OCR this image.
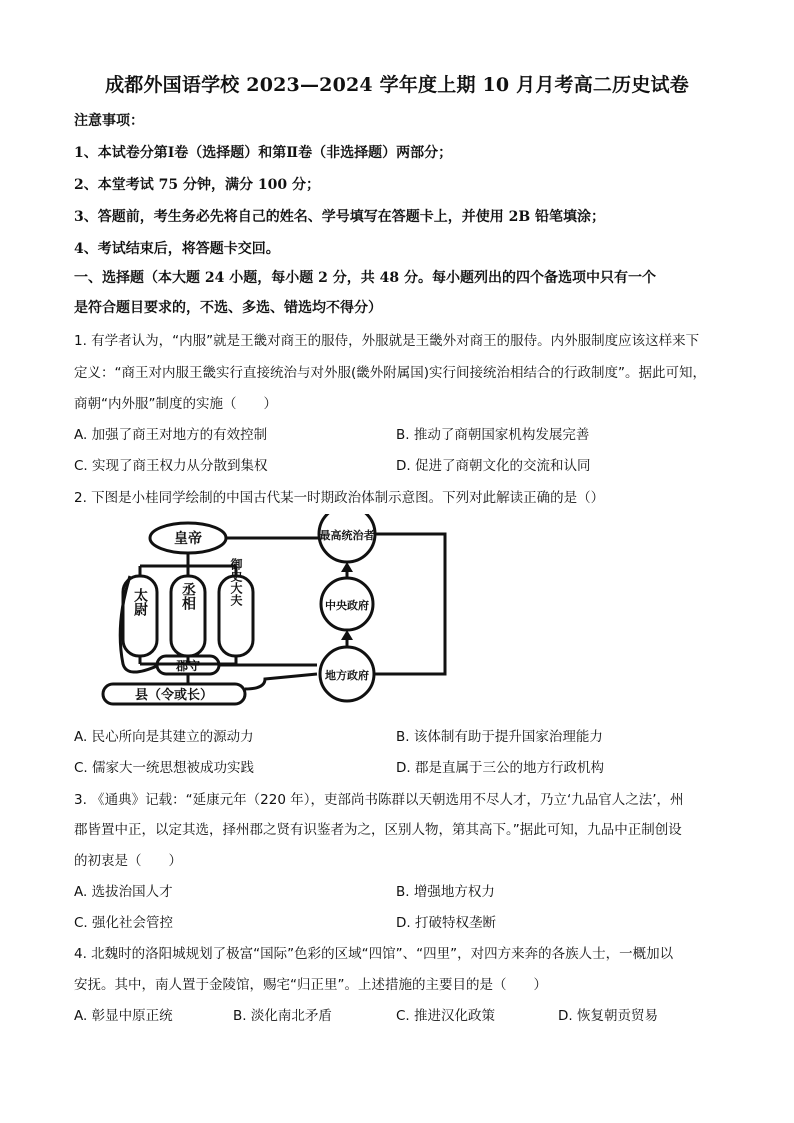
成都外国语学校 2023—2024 学年度上期 10 月月考高二历史试卷
注意事项：
1、本试卷分第Ⅰ卷（选择题）和第Ⅱ卷（非选择题）两部分；
2、本堂考试 75 分钟，满分 100 分；
3、答题前，考生务必先将自己的姓名、学号填写在答题卡上，并使用 2B 铅笔填涂；
4、考试结束后，将答题卡交回。
一、选择题（本大题 24 小题，每小题 2 分，共 48 分。每小题列出的四个备选项中只有一个
是符合题目要求的，不选、多选、错选均不得分）
1. 有学者认为，“内服”就是王畿对商王的服侍，外服就是王畿外对商王的服侍。内外服制度应该这样来下
定义：“商王对内服王畿实行直接统治与对外服(畿外附属国)实行间接统治相结合的行政制度”。据此可知，
商朝“内外服”制度的实施（　　）
A. 加强了商王对地方的有效控制	B. 推动了商朝国家机构发展完善
C. 实现了商王权力从分散到集权	D. 促进了商朝文化的交流和认同
2. 下图是小桂同学绘制的中国古代某一时期政治体制示意图。下列对此解读正确的是（）
皇帝
太尉 丞相	御史大夫
郡守
县（令或长）
最高统治者
中央政府
地方政府
A. 民心所向是其建立的源动力	B. 该体制有助于提升国家治理能力
C. 儒家大一统思想被成功实践	D. 郡是直属于三公的地方行政机构
3. 《通典》记载：“延康元年（220 年），吏部尚书陈群以天朝选用不尽人才，乃立‘九品官人之法’，州
郡皆置中正，以定其选，择州郡之贤有识鉴者为之，区别人物，第其高下。”据此可知，九品中正制创设
的初衷是（　　）
A. 选拔治国人才	B. 增强地方权力
C. 强化社会管控	D. 打破特权垄断
4. 北魏时的洛阳城规划了极富“国际”色彩的区域“四馆”、“四里”，对四方来奔的各族人士，一概加以
安抚。其中，南人置于金陵馆，赐宅“归正里”。上述措施的主要目的是（　　）
A. 彰显中原正统	B. 淡化南北矛盾	C. 推进汉化政策	D. 恢复朝贡贸易
